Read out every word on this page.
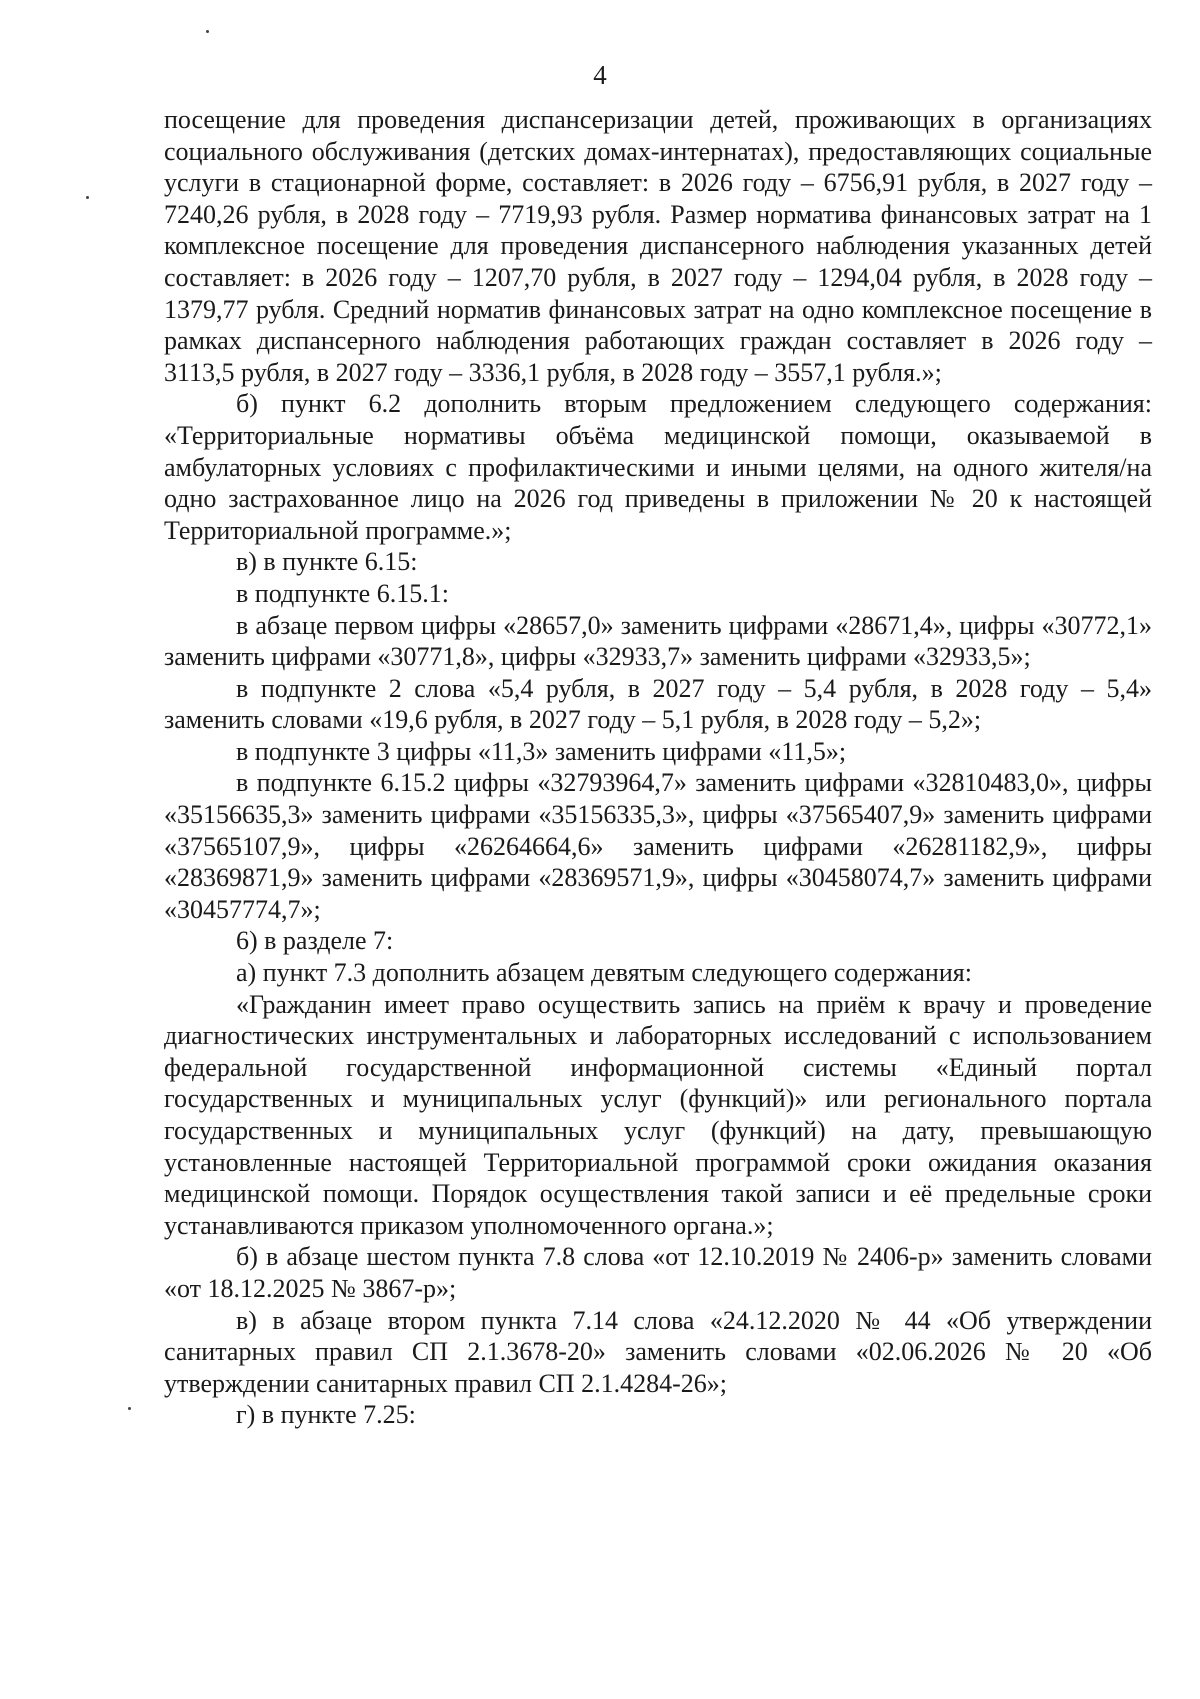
4

посещение для проведения диспансеризации детей, проживающих в организациях социального обслуживания (детских домах-интернатах), предоставляющих социальные услуги в стационарной форме, составляет: в 2026 году – 6756,91 рубля, в 2027 году – 7240,26 рубля, в 2028 году – 7719,93 рубля. Размер норматива финансовых затрат на 1 комплексное посещение для проведения диспансерного наблюдения указанных детей составляет: в 2026 году – 1207,70 рубля, в 2027 году – 1294,04 рубля, в 2028 году – 1379,77 рубля. Средний норматив финансовых затрат на одно комплексное посещение в рамках диспансерного наблюдения работающих граждан составляет в 2026 году – 3113,5 рубля, в 2027 году – 3336,1 рубля, в 2028 году – 3557,1 рубля.»;

б) пункт 6.2 дополнить вторым предложением следующего содержания: «Территориальные нормативы объёма медицинской помощи, оказываемой в амбулаторных условиях с профилактическими и иными целями, на одного жителя/на одно застрахованное лицо на 2026 год приведены в приложении № 20 к настоящей Территориальной программе.»;

в) в пункте 6.15:

в подпункте 6.15.1:

в абзаце первом цифры «28657,0» заменить цифрами «28671,4», цифры «30772,1» заменить цифрами «30771,8», цифры «32933,7» заменить цифрами «32933,5»;

в подпункте 2 слова «5,4 рубля, в 2027 году – 5,4 рубля, в 2028 году – 5,4» заменить словами «19,6 рубля, в 2027 году – 5,1 рубля, в 2028 году – 5,2»;

в подпункте 3 цифры «11,3» заменить цифрами «11,5»;

в подпункте 6.15.2 цифры «32793964,7» заменить цифрами «32810483,0», цифры «35156635,3» заменить цифрами «35156335,3», цифры «37565407,9» заменить цифрами «37565107,9», цифры «26264664,6» заменить цифрами «26281182,9», цифры «28369871,9» заменить цифрами «28369571,9», цифры «30458074,7» заменить цифрами «30457774,7»;

6) в разделе 7:

а) пункт 7.3 дополнить абзацем девятым следующего содержания:

«Гражданин имеет право осуществить запись на приём к врачу и проведение диагностических инструментальных и лабораторных исследований с использованием федеральной государственной информационной системы «Единый портал государственных и муниципальных услуг (функций)» или регионального портала государственных и муниципальных услуг (функций) на дату, превышающую установленные настоящей Территориальной программой сроки ожидания оказания медицинской помощи. Порядок осуществления такой записи и её предельные сроки устанавливаются приказом уполномоченного органа.»;

б) в абзаце шестом пункта 7.8 слова «от 12.10.2019 № 2406-р» заменить словами «от 18.12.2025 № 3867-р»;

в) в абзаце втором пункта 7.14 слова «24.12.2020 № 44 «Об утверждении санитарных правил СП 2.1.3678-20» заменить словами «02.06.2026 № 20 «Об утверждении санитарных правил СП 2.1.4284-26»;

г) в пункте 7.25:
